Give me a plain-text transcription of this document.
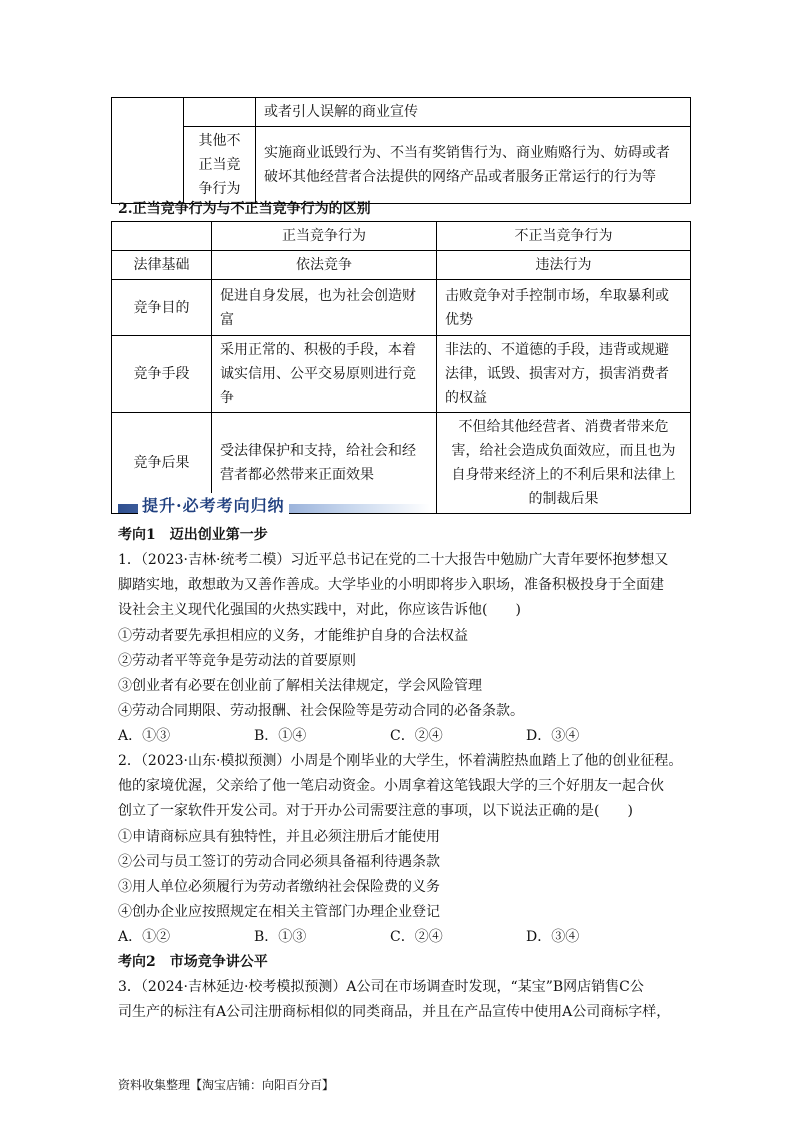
		或者引人误解的商业宣传
	其他不正当竞争行为	实施商业诋毁行为、不当有奖销售行为、商业贿赂行为、妨碍或者破坏其他经营者合法提供的网络产品或者服务正常运行的行为等
2.正当竞争行为与不正当竞争行为的区别
	正当竞争行为	不正当竞争行为
法律基础	依法竞争	违法行为
竞争目的	促进自身发展，也为社会创造财富	击败竞争对手控制市场，牟取暴利或优势
竞争手段	采用正常的、积极的手段，本着诚实信用、公平交易原则进行竞争	非法的、不道德的手段，违背或规避法律，诋毁、损害对方，损害消费者的权益
竞争后果	受法律保护和支持，给社会和经营者都必然带来正面效果	不但给其他经营者、消费者带来危害，给社会造成负面效应，而且也为自身带来经济上的不利后果和法律上的制裁后果
提升·必考考向归纳
考向1　迈出创业第一步
1．（2023·吉林·统考二模）习近平总书记在党的二十大报告中勉励广大青年要怀抱梦想又
脚踏实地，敢想敢为又善作善成。大学毕业的小明即将步入职场，准备积极投身于全面建
设社会主义现代化强国的火热实践中，对此，你应该告诉他(　　)
①劳动者要先承担相应的义务，才能维护自身的合法权益
②劳动者平等竞争是劳动法的首要原则
③创业者有必要在创业前了解相关法律规定，学会风险管理
④劳动合同期限、劳动报酬、社会保险等是劳动合同的必备条款。
A．①③	B．①④	C．②④	D．③④
2．（2023·山东·模拟预测）小周是个刚毕业的大学生，怀着满腔热血踏上了他的创业征程。
他的家境优渥，父亲给了他一笔启动资金。小周拿着这笔钱跟大学的三个好朋友一起合伙
创立了一家软件开发公司。对于开办公司需要注意的事项，以下说法正确的是(　　)
①申请商标应具有独特性，并且必须注册后才能使用
②公司与员工签订的劳动合同必须具备福利待遇条款
③用人单位必须履行为劳动者缴纳社会保险费的义务
④创办企业应按照规定在相关主管部门办理企业登记
A．①②	B．①③	C．②④	D．③④
考向2　市场竞争讲公平
3．（2024·吉林延边·校考模拟预测）A公司在市场调查时发现，“某宝”B网店销售C公
司生产的标注有A公司注册商标相似的同类商品，并且在产品宣传中使用A公司商标字样，
资料收集整理【淘宝店铺：向阳百分百】
